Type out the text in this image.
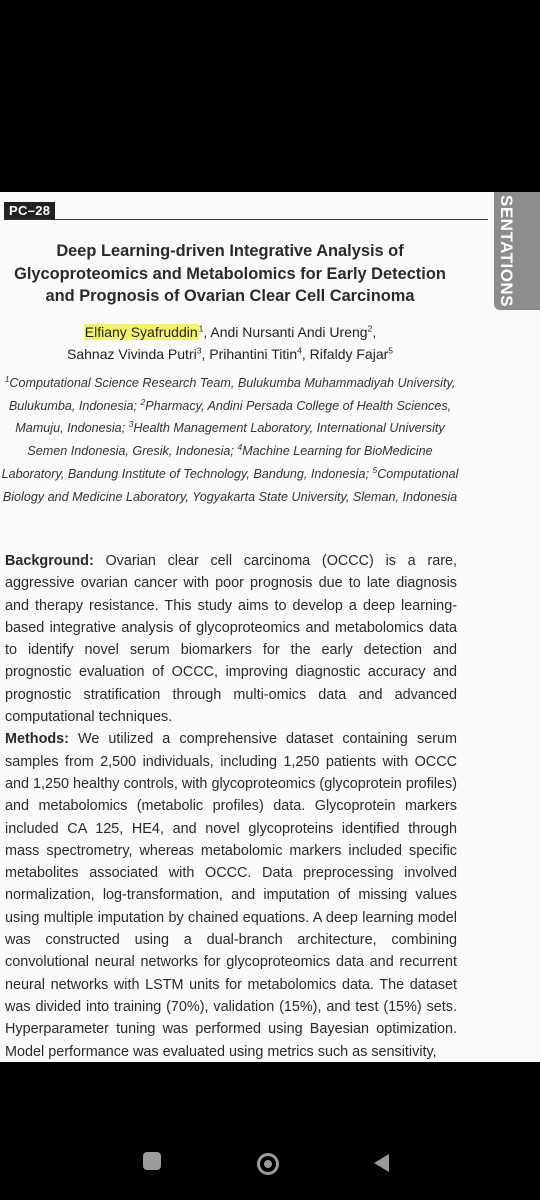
SENTATIONS
PC–28
Deep Learning-driven Integrative Analysis of
Glycoproteomics and Metabolomics for Early Detection
and Prognosis of Ovarian Clear Cell Carcinoma
Elfiany Syafruddin$^1$, Andi Nursanti Andi Ureng$^2$,
Sahnaz Vivinda Putri$^3$, Prihantini Titin$^4$, Rifaldy Fajar$^5$
$^1$Computational Science Research Team, Bulukumba Muhammadiyah University, Bulukumba, Indonesia; $^2$Pharmacy, Andini Persada College of Health Sciences, Mamuju, Indonesia; $^3$Health Management Laboratory, International University Semen Indonesia, Gresik, Indonesia; $^4$Machine Learning for BioMedicine Laboratory, Bandung Institute of Technology, Bandung, Indonesia; $^5$Computational Biology and Medicine Laboratory, Yogyakarta State University, Sleman, Indonesia

Background: Ovarian clear cell carcinoma (OCCC) is a rare, aggressive ovarian cancer with poor prognosis due to late diagnosis and therapy resistance. This study aims to develop a deep learning-based integrative analysis of glycoproteomics and metabolomics data to identify novel serum biomarkers for the early detection and prognostic evaluation of OCCC, improving diagnostic accuracy and prognostic stratification through multi-omics data and advanced computational techniques.

Methods: We utilized a comprehensive dataset containing serum samples from 2,500 individuals, including 1,250 patients with OCCC and 1,250 healthy controls, with glycoproteomics (glycoprotein profiles) and metabolomics (metabolic profiles) data. Glycoprotein markers included CA 125, HE4, and novel glycoproteins identified through mass spectrometry, whereas metabolomic markers included specific metabolites associated with OCCC. Data preprocessing involved normalization, log-transformation, and imputation of missing values using multiple imputation by chained equations. A deep learning model was constructed using a dual-branch architecture, combining convolutional neural networks for glycoproteomics data and recurrent neural networks with LSTM units for metabolomics data. The dataset was divided into training (70%), validation (15%), and test (15%) sets. Hyperparameter tuning was performed using Bayesian optimization. Model performance was evaluated using metrics such as sensitivity,
